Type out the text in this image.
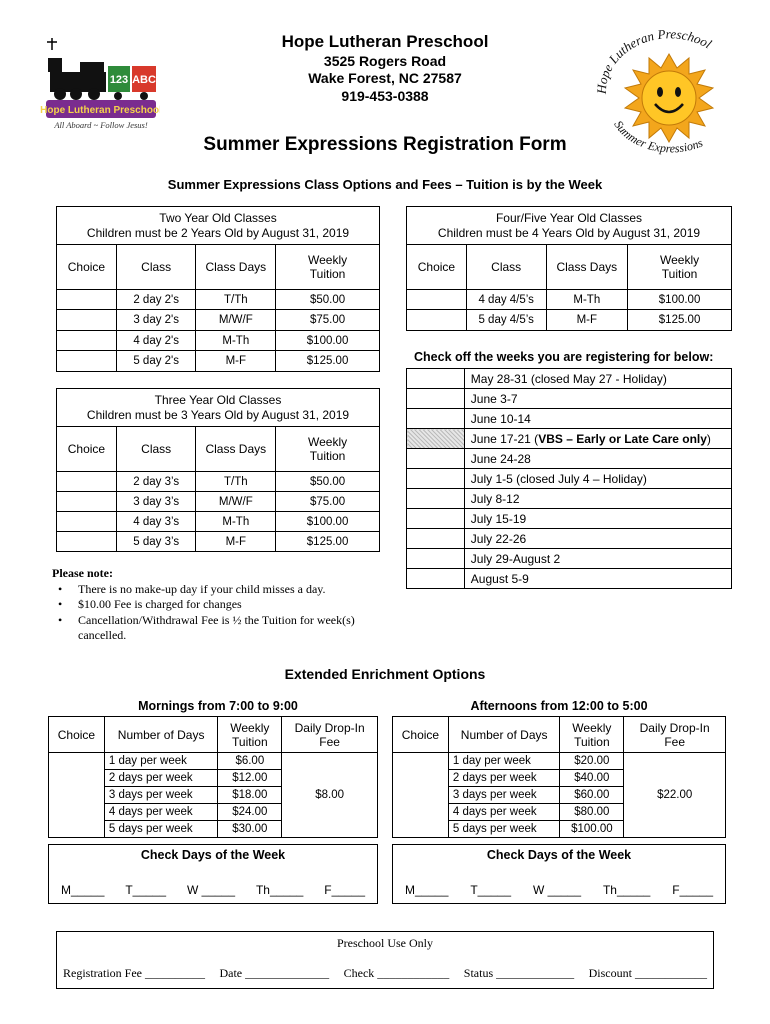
Hope Lutheran Preschool
123 ABC
All Aboard ~ Follow Jesus!
Hope Lutheran Preschool
Summer Expressions
Hope Lutheran Preschool
3525 Rogers Road
Wake Forest, NC 27587
919-453-0388
Summer Expressions Registration Form
Summer Expressions Class Options and Fees – Tuition is by the Week
Two Year Old Classes
Children must be 2 Years Old by August 31, 2019			

Choice	Class	Class Days	Weekly Tuition
	2 day 2's	T/Th	$50.00
	3 day 2's	M/W/F	$75.00
	4 day 2's	M-Th	$100.00
	5 day 2's	M-F	$125.00
Four/Five Year Old Classes
Children must be 4 Years Old by August 31, 2019			

Choice	Class	Class Days	Weekly Tuition
	4 day 4/5’s	M-Th	$100.00
	5 day 4/5’s	M-F	$125.00
Check off the weeks you are registering for below:
	May 28-31 (closed May 27 - Holiday)
	June 3-7
	June 10-14
	June 17-21 (VBS – Early or Late Care only)
	June 24-28
	July 1-5 (closed July 4 – Holiday)
	July 8-12
	July 15-19
	July 22-26
	July 29-August 2
	August 5-9
Three Year Old Classes
Children must be 3 Years Old by August 31, 2019			

Choice	Class	Class Days	Weekly Tuition
	2 day 3’s	T/Th	$50.00
	3 day 3’s	M/W/F	$75.00
	4 day 3’s	M-Th	$100.00
	5 day 3’s	M-F	$125.00
Please note:
• There is no make-up day if your child misses a day.
• $10.00 Fee is charged for changes
• Cancellation/Withdrawal Fee is ½ the Tuition for week(s)
cancelled.
Extended Enrichment Options
Mornings from 7:00 to 9:00	Afternoons from 12:00 to 5:00
Choice	Number of Days	Weekly Tuition	Daily Drop-In Fee
	1 day per week	$6.00	$8.00
	2 days per week	$12.00	
	3 days per week	$18.00	
	4 days per week	$24.00	
	5 days per week	$30.00	
Choice	Number of Days	Weekly Tuition	Daily Drop-In Fee
	1 day per week	$20.00	$22.00
	2 days per week	$40.00	
	3 days per week	$60.00	
	4 days per week	$80.00	
	5 days per week	$100.00	
Check Days of the Week
M_____ T_____ W _____ Th_____ F_____
Check Days of the Week
M_____ T_____ W _____ Th_____ F_____
Preschool Use Only
Registration Fee __________ Date ______________ Check ____________ Status _____________ Discount ____________
